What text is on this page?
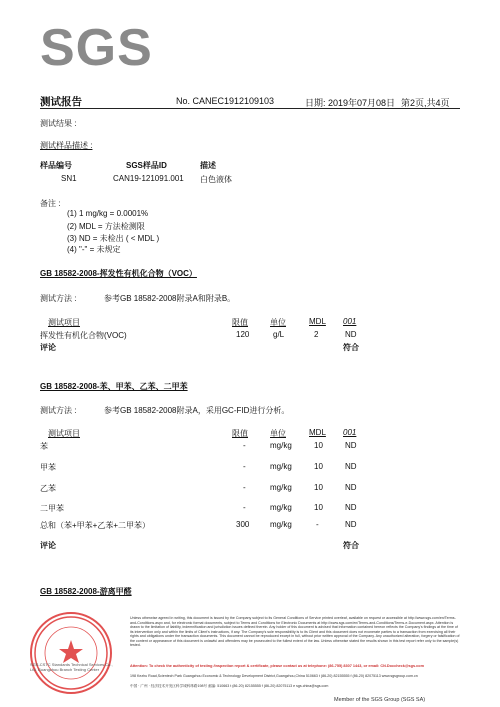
SGS
测试报告	No. CANEC1912109103	日期: 2019年07月08日 第2页,共4页
测试结果 :
测试样品描述 :
样品编号	SGS样品ID	描述
SN1	CAN19-121091.001 白色液体
备注 :
(1) 1 mg/kg = 0.0001%
(2) MDL = 方法检测限
(3) ND = 未检出 ( < MDL )
(4) "-" = 未规定
GB 18582-2008-挥发性有机化合物（VOC）
测试方法 :	参考GB 18582-2008附录A和附录B。
测试项目	限值	单位	MDL 001
挥发性有机化合物(VOC)	120	g/L	2	ND
评论	符合
GB 18582-2008-苯、甲苯、乙苯、二甲苯
测试方法 :	参考GB 18582-2008附录A，采用GC-FID进行分析。
测试项目	限值	单位	MDL 001
苯	-	mg/kg	10	ND
甲苯	-	mg/kg	10	ND
乙苯	-	mg/kg	10	ND
二甲苯	-	mg/kg	10	ND
总和（苯+甲苯+乙苯+二甲苯）	300	mg/kg	-	ND
评论	符合
GB 18582-2008-游离甲醛
SGS-CSTC Standards Technical Services Co., Ltd. Guangzhou Branch Testing Center
Unless otherwise agreed in writing, this document is issued by the Company subject to its General Conditions of Service printed overleaf, available on request or accessible at http://www.sgs.com/en/Terms-and-Conditions.aspx and, for electronic format documents, subject to Terms and Conditions for Electronic Documents at http://www.sgs.com/en/Terms-and-Conditions/Terms-e-Document.aspx. Attention is drawn to the limitation of liability, indemnification and jurisdiction issues defined therein. Any holder of this document is advised that information contained hereon reflects the Company's findings at the time of its intervention only and within the limits of Client's instructions, if any. The Company's sole responsibility is to its Client and this document does not exonerate parties to a transaction from exercising all their rights and obligations under the transaction documents. This document cannot be reproduced except in full, without prior written approval of the Company. Any unauthorized alteration, forgery or falsification of the content or appearance of this document is unlawful and offenders may be prosecuted to the fullest extent of the law. Unless otherwise stated the results shown in this test report refer only to the sample(s) tested.
Attention: To check the authenticity of testing /inspection report & certificate, please contact us at telephone: (86-755) 8307 1443, or email: CN.Doccheck@sgs.com
198 Kezhu Road,Scientech Park Guangzhou Economic & Technology Development District,Guangzhou,China 510663 t (86-20) 82155555 f (86-20) 82075113 www.sgsgroup.com.cn
中国 · 广州 · 经济技术开发区科学城科珠路198号 邮编: 510663 t (86-20) 82155555 f (86-20) 82075113 e sgs.china@sgs.com
Member of the SGS Group (SGS SA)
